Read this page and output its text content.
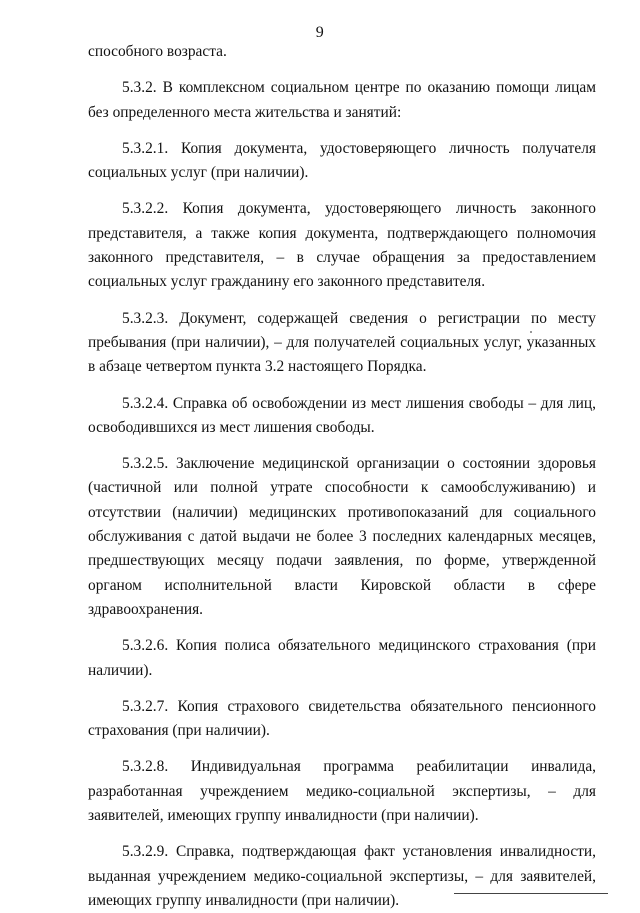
9

способного возраста.

5.3.2. В комплексном социальном центре по оказанию помощи лицам без определенного места жительства и занятий:

5.3.2.1. Копия документа, удостоверяющего личность получателя социальных услуг (при наличии).

5.3.2.2. Копия документа, удостоверяющего личность законного представителя, а также копия документа, подтверждающего полномочия законного представителя, – в случае обращения за предоставлением социальных услуг гражданину его законного представителя.

5.3.2.3. Документ, содержащей сведения о регистрации по месту пребывания (при наличии), – для получателей социальных услуг, указанных в абзаце четвертом пункта 3.2 настоящего Порядка.

5.3.2.4. Справка об освобождении из мест лишения свободы – для лиц, освободившихся из мест лишения свободы.

5.3.2.5. Заключение медицинской организации о состоянии здоровья (частичной или полной утрате способности к самообслуживанию) и отсутствии (наличии) медицинских противопоказаний для социального обслуживания с датой выдачи не более 3 последних календарных месяцев, предшествующих месяцу подачи заявления, по форме, утвержденной органом исполнительной власти Кировской области в сфере здравоохранения.

5.3.2.6. Копия полиса обязательного медицинского страхования (при наличии).

5.3.2.7. Копия страхового свидетельства обязательного пенсионного страхования (при наличии).

5.3.2.8. Индивидуальная программа реабилитации инвалида, разработанная учреждением медико-социальной экспертизы, – для заявителей, имеющих группу инвалидности (при наличии).

5.3.2.9. Справка, подтверждающая факт установления инвалидности, выданная учреждением медико-социальной экспертизы, – для заявителей, имеющих группу инвалидности (при наличии).
